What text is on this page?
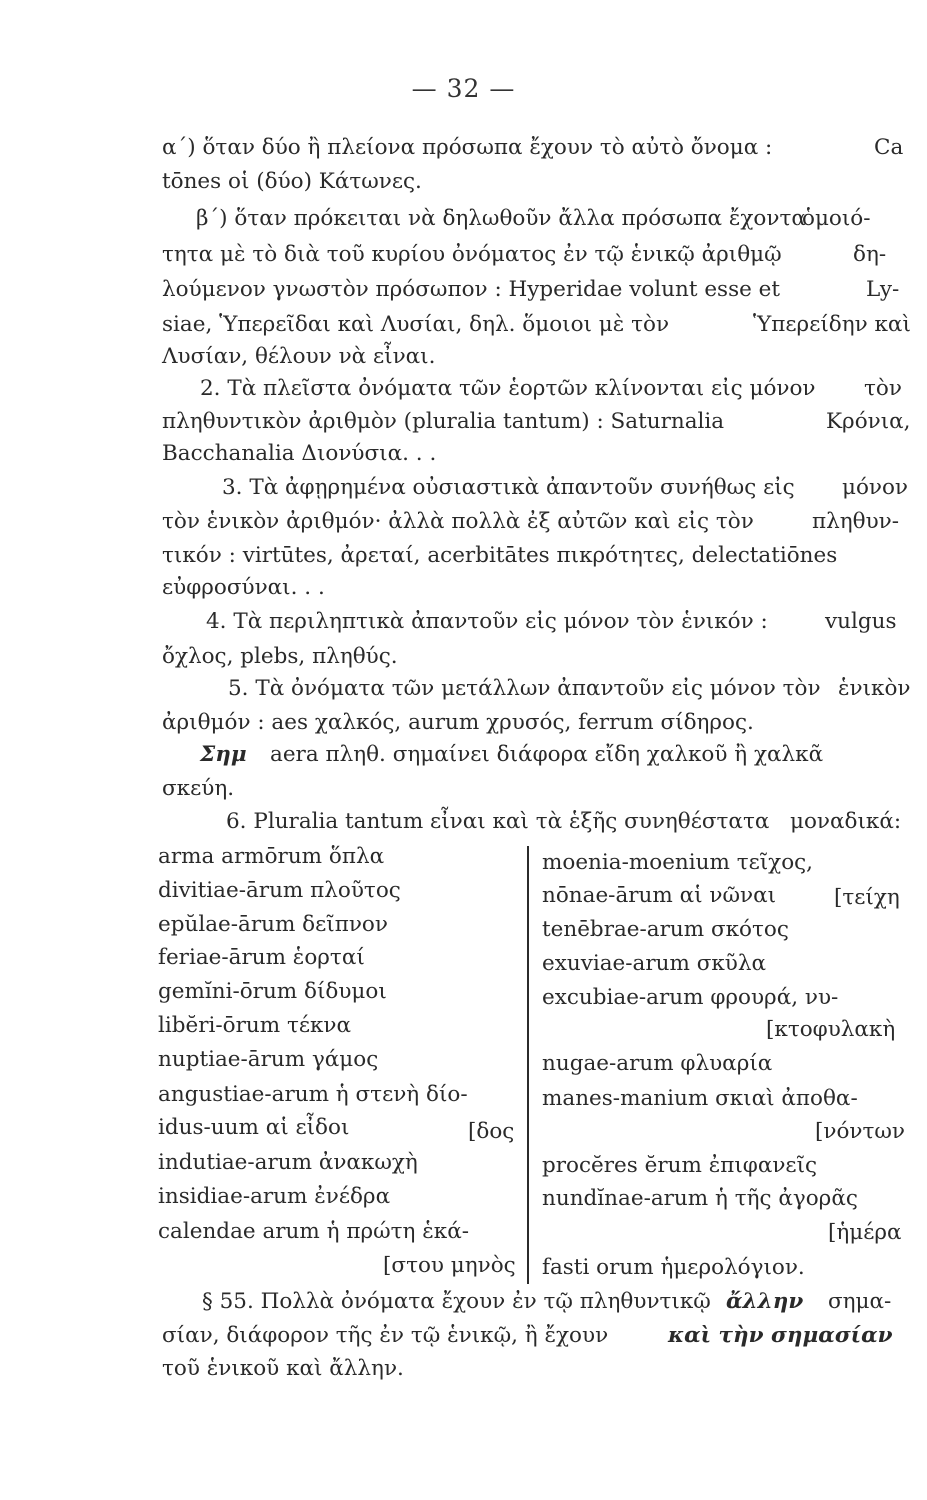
— 32 —
α΄) ὅταν δύο ἢ πλείονα πρόσωπα ἔχουν τὸ αὐτὸ ὄνομα :	Ca
tōnes οἱ (δύο) Κάτωνες.
β΄) ὅταν πρόκειται νὰ δηλωθοῦν ἄλλα πρόσωπα ἔχοντα
ὁμοιό-
τητα μὲ τὸ διὰ τοῦ κυρίου ὀνόματος ἐν τῷ ἑνικῷ ἀριθμῷ	δη-
λούμενον γνωστὸν πρόσωπον : Hyperidae volunt esse et	Ly-
siae, Ὑπερεῖδαι καὶ Λυσίαι, δηλ. ὅμοιοι μὲ τὸν	Ὑπερείδην καὶ
Λυσίαν, θέλουν νὰ εἶναι.
2. Τὰ πλεῖστα ὀνόματα τῶν ἑορτῶν κλίνονται εἰς μόνον τὸν
πληθυντικὸν ἀριθμὸν (pluralia tantum) : Saturnalia	Κρόνια,
Bacchanalia Διονύσια. . .
3. Τὰ ἀφῃρημένα οὐσιαστικὰ ἀπαντοῦν συνήθως εἰς μόνον
τὸν ἑνικὸν ἀριθμόν· ἀλλὰ πολλὰ ἐξ αὐτῶν καὶ εἰς τὸν	πληθυν-
τικόν : virtūtes, ἀρεταί, acerbitātes πικρότητες, delectatiōnes
εὐφροσύναι. . .
4. Τὰ περιληπτικὰ ἀπαντοῦν εἰς μόνον τὸν ἑνικόν :	vulgus
ὄχλος, plebs, πληθύς.
5. Τὰ ὀνόματα τῶν μετάλλων ἀπαντοῦν εἰς μόνον τὸν ἑνικὸν
ἀριθμόν : aes χαλκός, aurum χρυσός, ferrum σίδηρος.
Σημ aera πληθ. σημαίνει διάφορα εἴδη χαλκοῦ ἢ χαλκᾶ
σκεύη.
6. Pluralia tantum εἶναι καὶ τὰ ἑξῆς συνηθέστατα μοναδικά:
arma armōrum ὅπλα
divitiae-ārum πλοῦτος
epŭlae-ārum δεῖπνον
feriae-ārum ἑορταί
gemĭni-ōrum δίδυμοι
libĕri-ōrum τέκνα
nuptiae-ārum γάμος
angustiae-arum ἡ στενὴ δίο-
idus-uum αἱ εἶδοι	[δος
indutiae-arum ἀνακωχὴ
insidiae-arum ἐνέδρα
calendae arum ἡ πρώτη ἑκά-
[στου μηνὸς
moenia-moenium τεῖχος,
nōnae-ārum αἱ νῶναι	[τείχη
tenēbrae-arum σκότος
exuviae-arum σκῦλα
excubiae-arum φρουρά, νυ-
[κτοφυλακὴ
nugae-arum φλυαρία
manes-manium σκιαὶ ἀποθα-
[νόντων
procĕres ĕrum ἐπιφανεῖς
nundĭnae-arum ἡ τῆς ἀγορᾶς
[ἡμέρα
fasti orum ἡμερολόγιον.
§ 55. Πολλὰ ὀνόματα ἔχουν ἐν τῷ πληθυντικῷ ἄλλην σημα-
σίαν, διάφορον τῆς ἐν τῷ ἑνικῷ, ἢ ἔχουν	καὶ τὴν σημασίαν
τοῦ ἑνικοῦ καὶ ἄλλην.
